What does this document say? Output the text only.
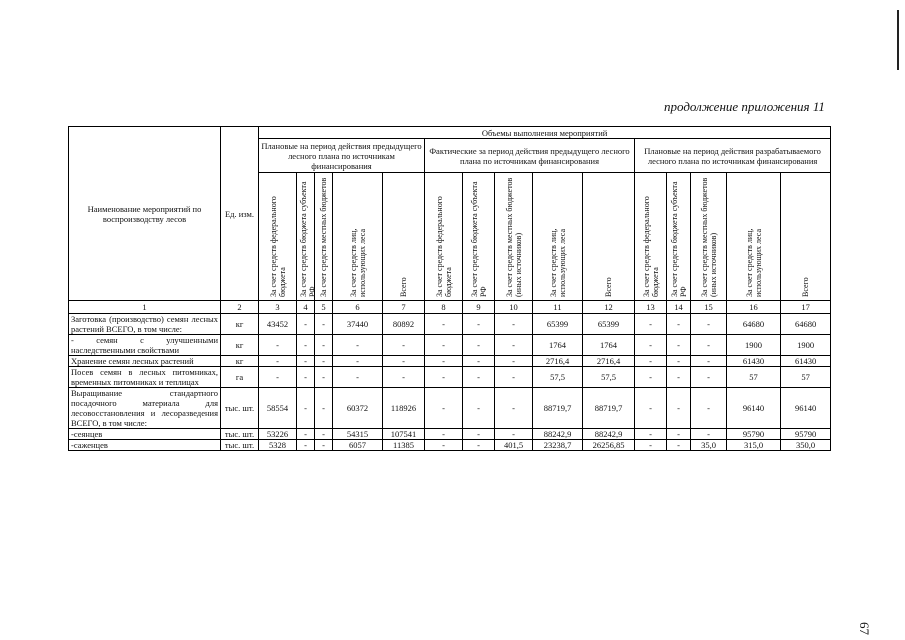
продолжение приложения 11
Наименование мероприятий по воспроизводству лесов	Ед. изм.	Объемы выполнения мероприятий														
		Плановые на период действия предыдущего лесного плана по источникам финансирования					Фактические за период действия предыдущего лесного плана по источникам финансирования					Плановые на период действия разрабатываемого лесного плана по источникам финансирования				

		За счет средств федерального бюджета	За счет средств бюджета субъекта РФ	За счет средств местных бюджетов	За счет средств лиц, использующих леса	Всего	За счет средств федерального бюджета	За счет средств бюджета субъекта РФ	За счет средств местных бюджетов (иных источников)	За счет средств лиц, использующих леса	Всего	За счет средств федерального бюджета	За счет средств бюджета субъекта РФ	За счет средств местных бюджетов (иных источников)	За счет средств лиц, использующих леса	Всего

1	2	3	4	5	6	7	8	9	10	11	12	13	14	15	16	17
Заготовка (производство) семян лесных растений ВСЕГО, в том числе:	кг	43452	-	-	37440	80892	-	-	-	65399	65399	-	-	-	64680	64680
- семян с улучшенными наследственными свойствами	кг	-	-	-	-	-	-	-	-	1764	1764	-	-	-	1900	1900
Хранение семян лесных растений	кг	-	-	-	-	-	-	-	-	2716,4	2716,4	-	-	-	61430	61430
Посев семян в лесных питомниках, временных питомниках и теплицах	га	-	-	-	-	-	-	-	-	57,5	57,5	-	-	-	57	57
Выращивание стандартного посадочного материала для лесовосстановления и лесоразведения ВСЕГО, в том числе:	тыс. шт.	58554	-	-	60372	118926	-	-	-	88719,7	88719,7	-	-	-	96140	96140
-сеянцев	тыс. шт.	53226	-	-	54315	107541	-	-	-	88242,9	88242,9	-	-	-	95790	95790
-саженцев	тыс. шт.	5328	-	-	6057	11385	-	-	401,5	23238,7	26256,85	-	-	35,0	315,0	350,0
67
